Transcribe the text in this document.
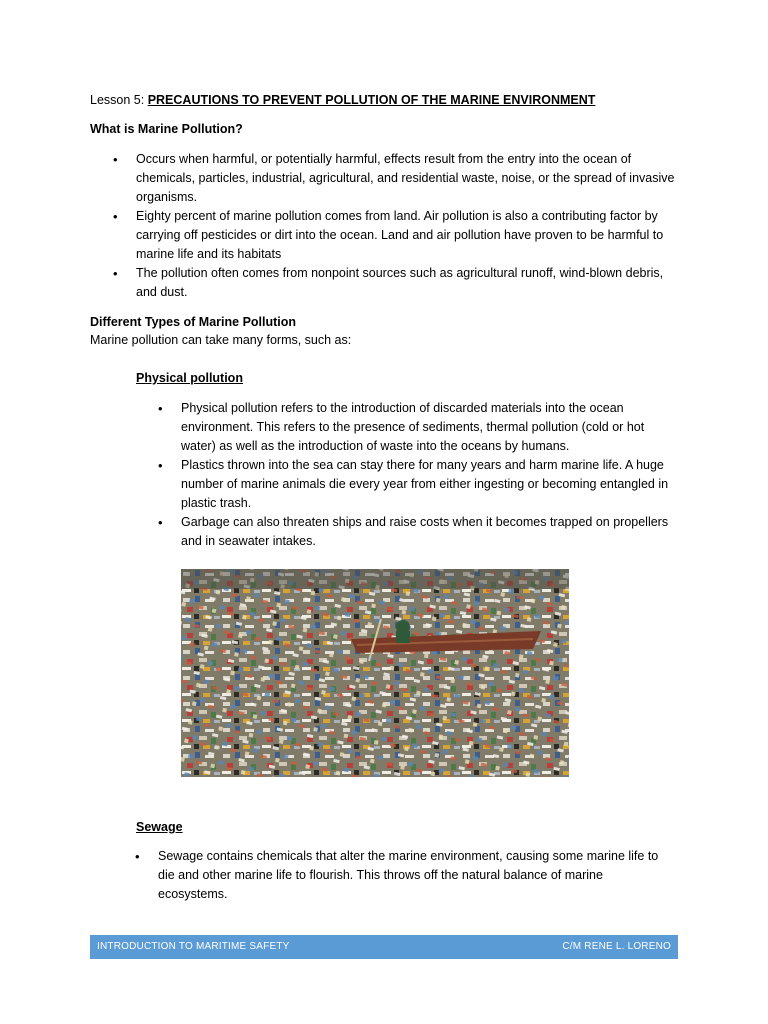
Lesson 5: PRECAUTIONS TO PREVENT POLLUTION OF THE MARINE ENVIRONMENT
What is Marine Pollution?
• Occurs when harmful, or potentially harmful, effects result from the entry into the ocean of chemicals, particles, industrial, agricultural, and residential waste, noise, or the spread of invasive organisms.
• Eighty percent of marine pollution comes from land. Air pollution is also a contributing factor by carrying off pesticides or dirt into the ocean. Land and air pollution have proven to be harmful to marine life and its habitats
• The pollution often comes from nonpoint sources such as agricultural runoff, wind-blown debris, and dust.
Different Types of Marine Pollution
Marine pollution can take many forms, such as:
Physical pollution
• Physical pollution refers to the introduction of discarded materials into the ocean environment. This refers to the presence of sediments, thermal pollution (cold or hot water) as well as the introduction of waste into the oceans by humans.
• Plastics thrown into the sea can stay there for many years and harm marine life. A huge number of marine animals die every year from either ingesting or becoming entangled in plastic trash.
• Garbage can also threaten ships and raise costs when it becomes trapped on propellers and in seawater intakes.
Sewage
• Sewage contains chemicals that alter the marine environment, causing some marine life to die and other marine life to flourish. This throws off the natural balance of marine ecosystems.
INTRODUCTION TO MARITIME SAFETY	C/M RENE L. LORENO
